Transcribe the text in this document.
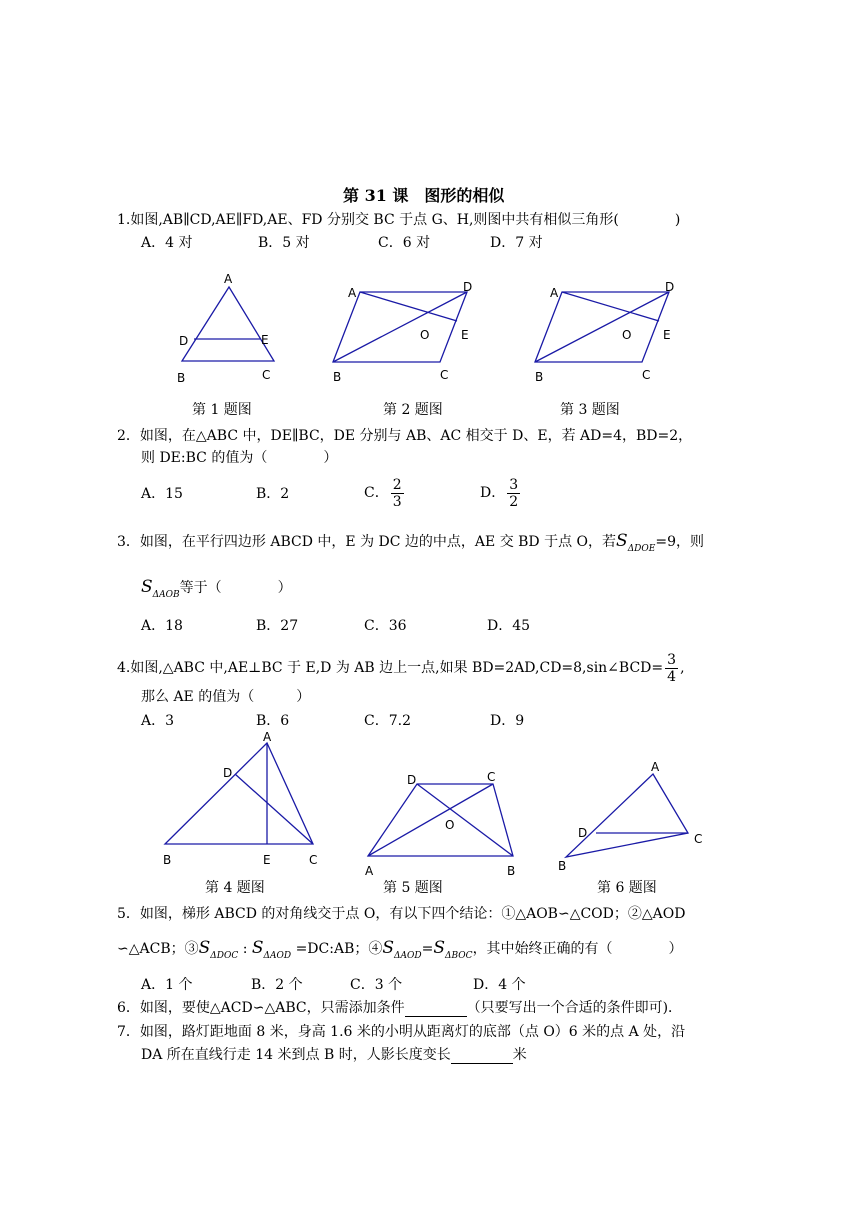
第 31 课　图形的相似
1.如图,AB∥CD,AE∥FD,AE、FD 分别交 BC 于点 G、H,则图中共有相似三角形(　　　　)
A．4 对	B．5 对	C．6 对	D．7 对
A
D	E
B	C
A	D
O	E
B	C
A	D
O	E
B	C
第 1 题图	第 2 题图	第 3 题图
2．如图，在△ABC 中，DE∥BC，DE 分别与 AB、AC 相交于 D、E，若 AD=4，BD=2，
则 DE:BC 的值为（　　　　）
A．15	B．2	C． $\frac{2}{3}$	D． $\frac{3}{2}$
3．如图，在平行四边形 ABCD 中，E 为 DC 边的中点，AE 交 BD 于点 O，若$S_{\Delta DOE}=9$，则
$S_{\Delta AOB}$等于（　　　　）
A．18	B．27	C．36	D．45
4.如图,△ABC 中,AE⊥BC 于 E,D 为 AB 边上一点,如果 BD=2AD,CD=8,sin∠BCD= $\frac{3}{4}$ ,
那么 AE 的值为（　　　）
A．3	B．6	C．7.2	D．9
A
D
B	E	C
D	C
O
A	B
A
D	C
B
第 4 题图	第 5 题图	第 6 题图
5．如图，梯形 ABCD 的对角线交于点 O，有以下四个结论：①△AOB∽△COD；②△AOD
∽△ACB；$③S_{\Delta DOC}$ : $S_{\Delta AOD}$ =DC:AB；$④S_{\Delta AOD}=S_{\Delta BOC}$，其中始终正确的有（　　　　）
A．1 个	B．2 个	C．3 个	D．4 个
6．如图，要使△ACD∽△ABC，只需添加条件	（只要写出一个合适的条件即可)．
7．如图，路灯距地面 8 米，身高 1.6 米的小明从距离灯的底部（点 O）6 米的点 A 处，沿
DA 所在直线行走 14 米到点 B 时，人影长度变长	米
